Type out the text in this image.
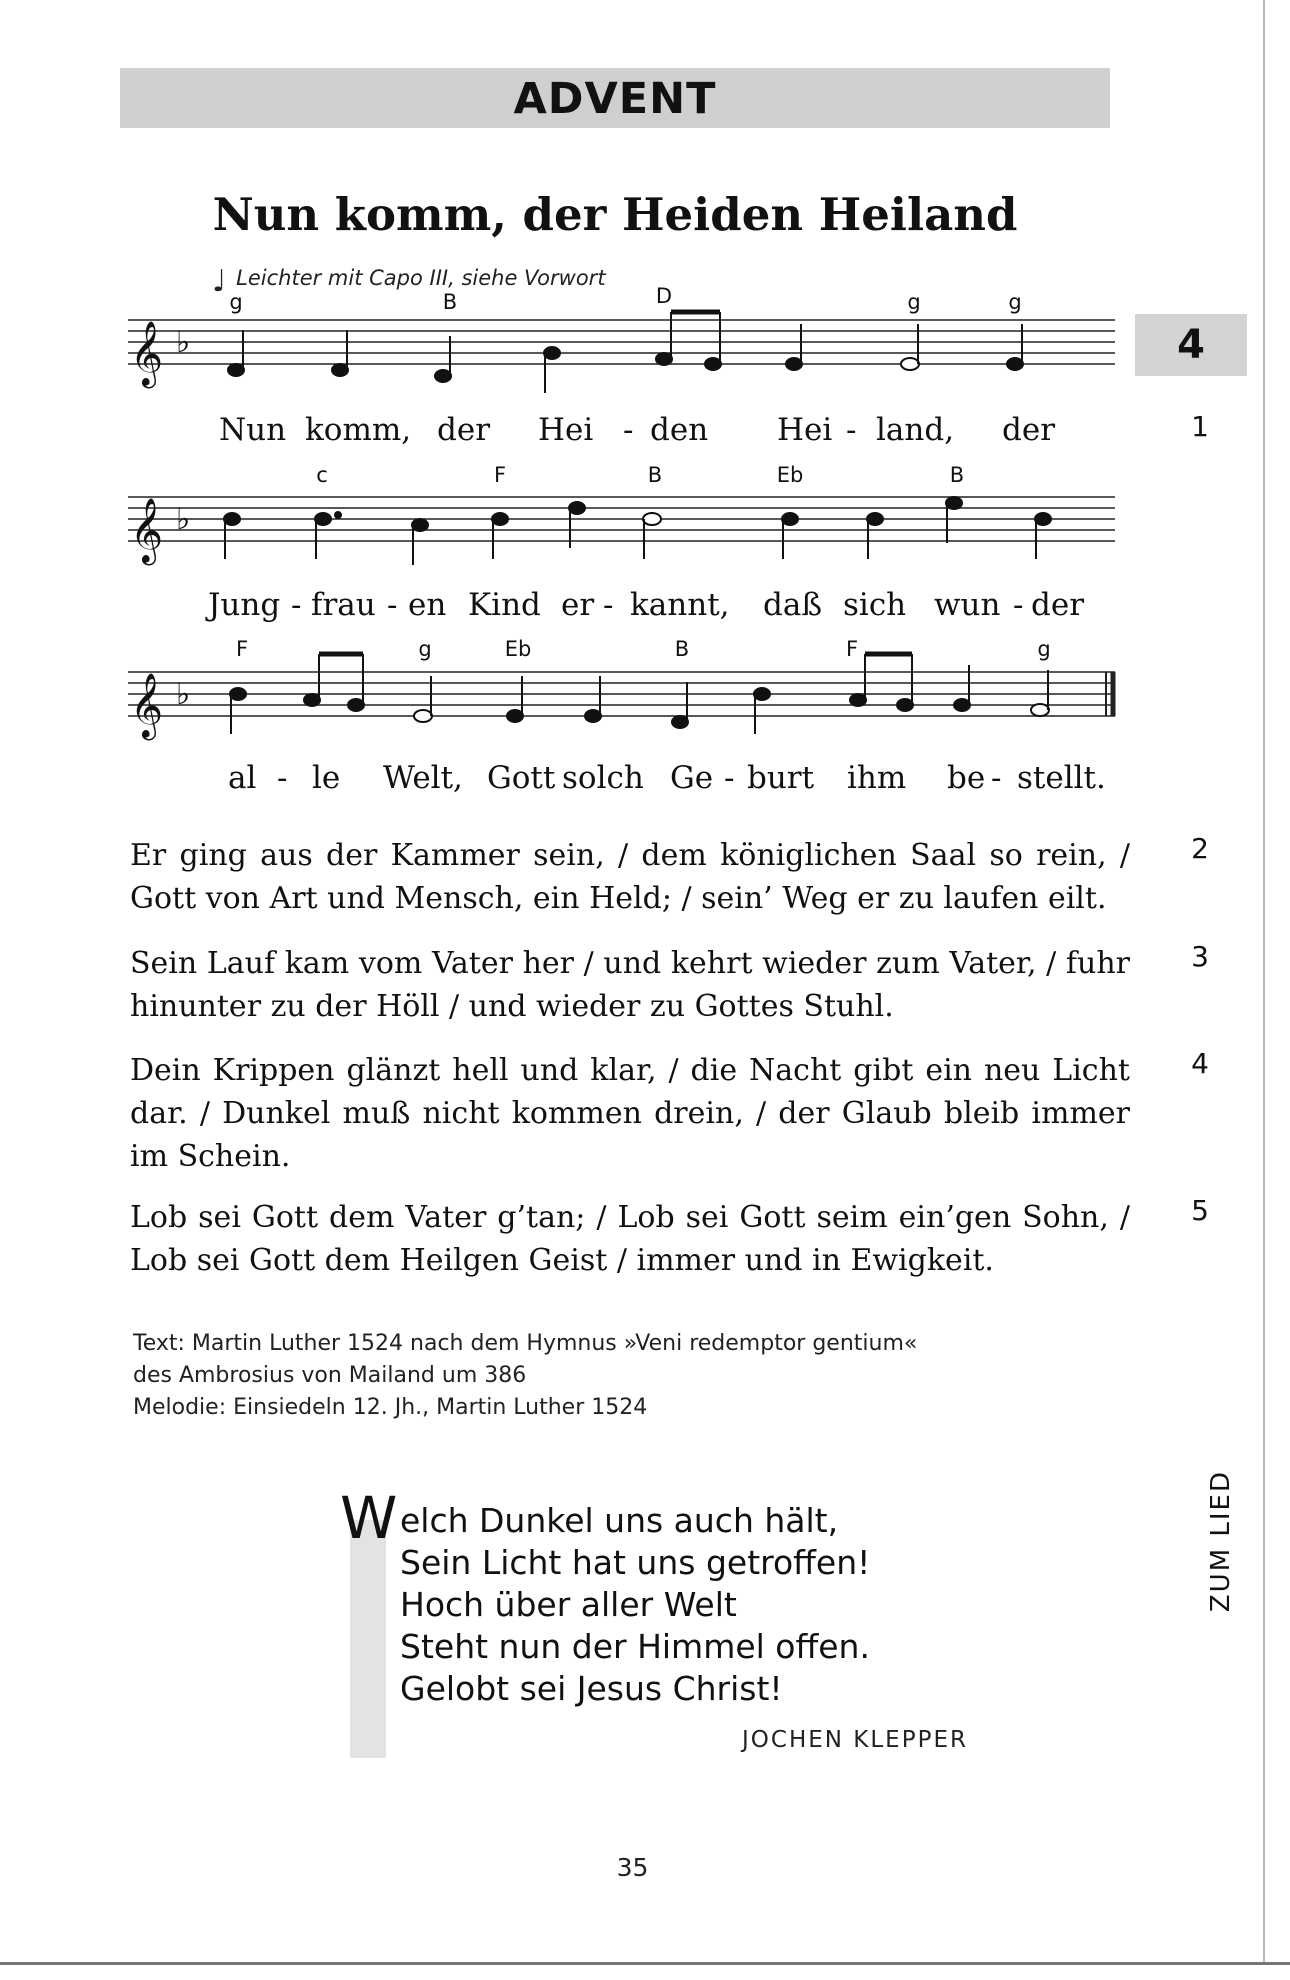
ADVENT
Nun komm, der Heiden Heiland
♩ Leichter mit Capo III, siehe Vorwort
4
𝄞 ♭
𝄞 ♭
𝄞 ♭
g	B	D	g	g
Nun komm, der Hei - den Hei - land, der	1
c	F	B	Eb	B
Jung - frau - en Kind er - kannt, daß sich wun - der
F	g	Eb	B	F	g
al - le Welt, Gott solch Ge - burt ihm be - stellt.
Er ging aus der Kammer sein, / dem königlichen Saal so rein, / Gott von Art und Mensch, ein Held; / sein’ Weg er zu laufen eilt.
2
Sein Lauf kam vom Vater her / und kehrt wieder zum Vater, / fuhr hinunter zu der Höll / und wieder zu Gottes Stuhl.
3
Dein Krippen glänzt hell und klar, / die Nacht gibt ein neu Licht dar. / Dunkel muß nicht kommen drein, / der Glaub bleib immer im Schein.
4
Lob sei Gott dem Vater g’tan; / Lob sei Gott seim ein’gen Sohn, / Lob sei Gott dem Heilgen Geist / immer und in Ewigkeit.
5
Text: Martin Luther 1524 nach dem Hymnus »Veni redemptor gentium«
des Ambrosius von Mailand um 386
Melodie: Einsiedeln 12. Jh., Martin Luther 1524
W elch Dunkel uns auch hält,
Sein Licht hat uns getroffen!
Hoch über aller Welt
Steht nun der Himmel offen.
Gelobt sei Jesus Christ!
JOCHEN KLEPPER
ZUM LIED
35
